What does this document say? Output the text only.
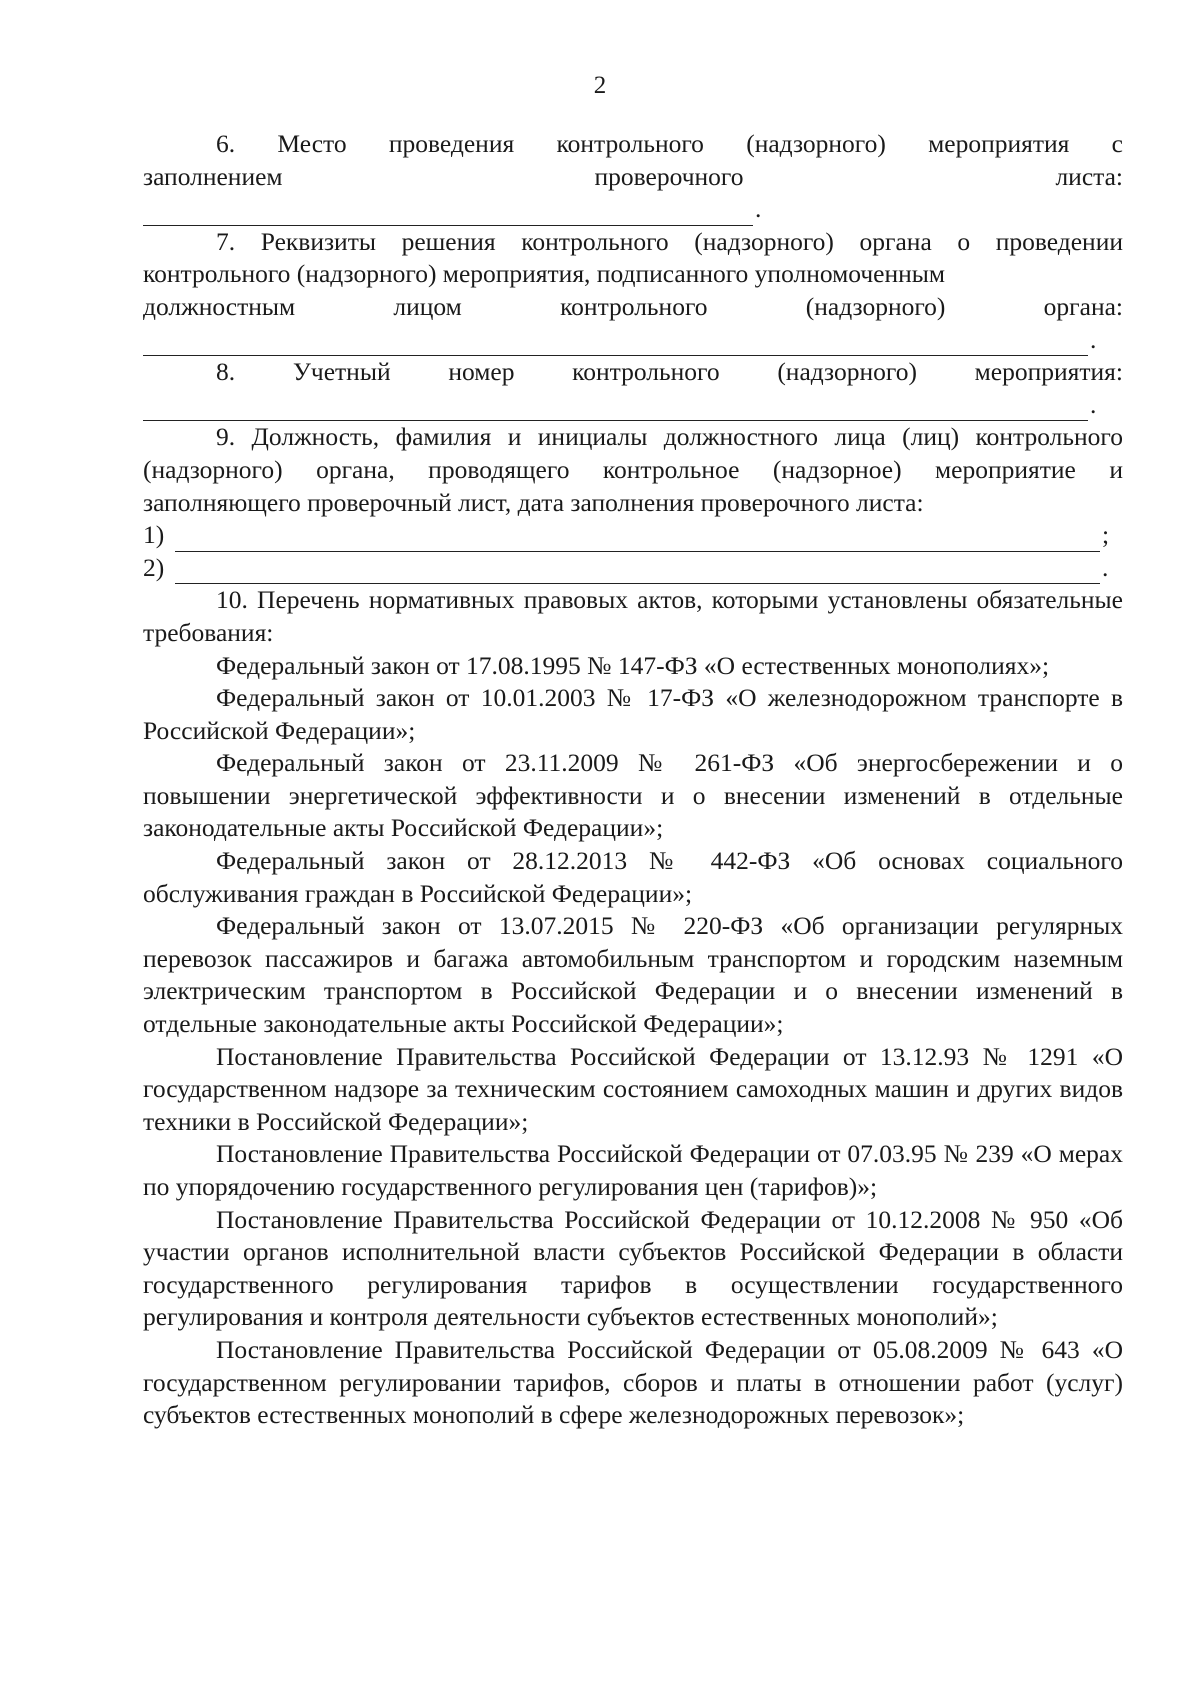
2
6. Место проведения контрольного (надзорного) мероприятия с
заполнением проверочного листа:
.

7. Реквизиты решения контрольного (надзорного) органа о проведении контрольного (надзорного) мероприятия, подписанного уполномоченным

должностным лицом контрольного (надзорного) органа:
.
8. Учетный номер контрольного (надзорного) мероприятия:
.

9. Должность, фамилия и инициалы должностного лица (лиц) контрольного (надзорного) органа, проводящего контрольное (надзорное) мероприятие и заполняющего проверочный лист, дата заполнения проверочного листа:

1)	;
2)	.

10. Перечень нормативных правовых актов, которыми установлены обязательные требования:

Федеральный закон от 17.08.1995 № 147-ФЗ «О естественных монополиях»;

Федеральный закон от 10.01.2003 № 17-ФЗ «О железнодорожном транспорте в Российской Федерации»;

Федеральный закон от 23.11.2009 № 261-ФЗ «Об энергосбережении и о повышении энергетической эффективности и о внесении изменений в отдельные законодательные акты Российской Федерации»;

Федеральный закон от 28.12.2013 № 442-ФЗ «Об основах социального обслуживания граждан в Российской Федерации»;

Федеральный закон от 13.07.2015 № 220-ФЗ «Об организации регулярных перевозок пассажиров и багажа автомобильным транспортом и городским наземным электрическим транспортом в Российской Федерации и о внесении изменений в отдельные законодательные акты Российской Федерации»;

Постановление Правительства Российской Федерации от 13.12.93 № 1291 «О государственном надзоре за техническим состоянием самоходных машин и других видов техники в Российской Федерации»;

Постановление Правительства Российской Федерации от 07.03.95 № 239 «О мерах по упорядочению государственного регулирования цен (тарифов)»;

Постановление Правительства Российской Федерации от 10.12.2008 № 950 «Об участии органов исполнительной власти субъектов Российской Федерации в области государственного регулирования тарифов в осуществлении государственного регулирования и контроля деятельности субъектов естественных монополий»;

Постановление Правительства Российской Федерации от 05.08.2009 № 643 «О государственном регулировании тарифов, сборов и платы в отношении работ (услуг) субъектов естественных монополий в сфере железнодорожных перевозок»;
